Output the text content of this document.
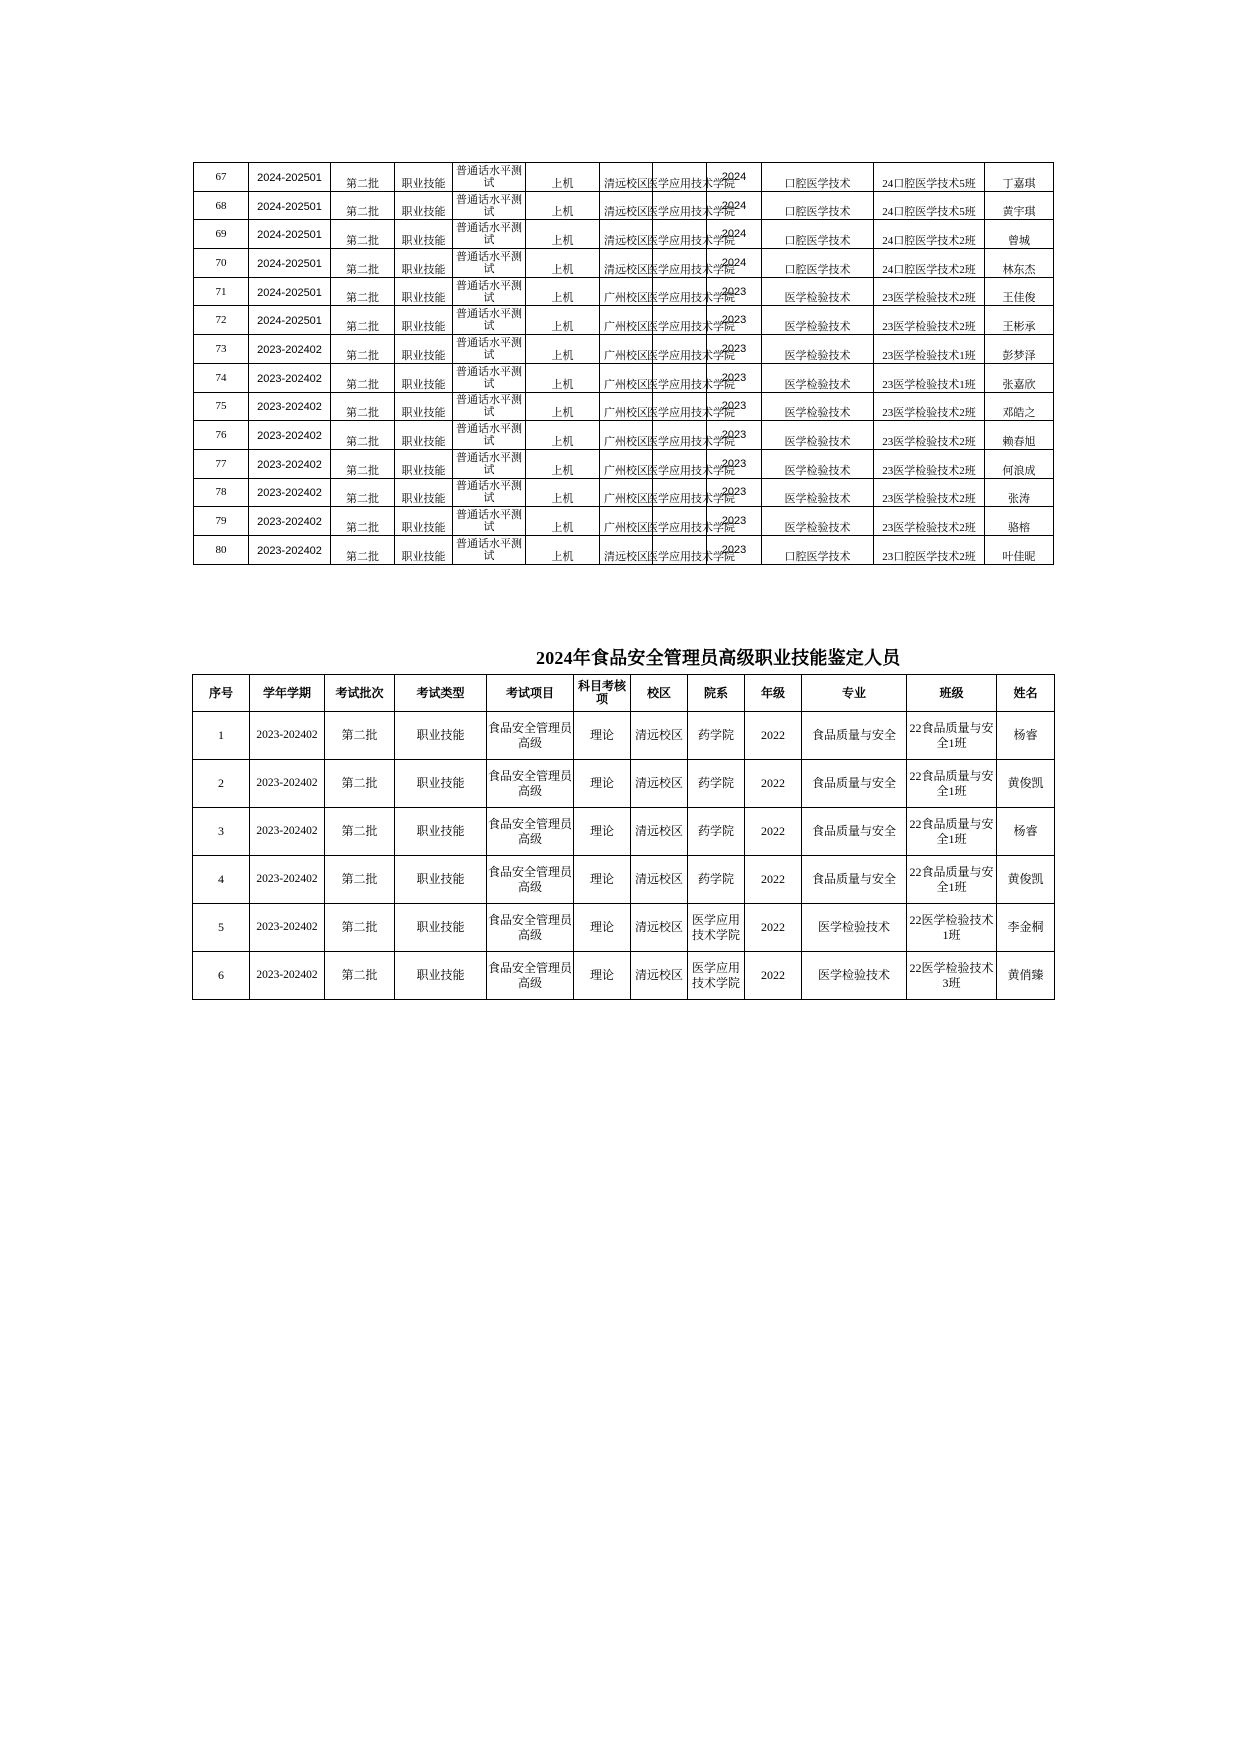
67	2024-202501	第二批	职业技能	普通话水平测试	上机	清远校区	医学应用技术学院	2024	口腔医学技术	24口腔医学技术5班	丁嘉琪
68	2024-202501	第二批	职业技能	普通话水平测试	上机	清远校区	医学应用技术学院	2024	口腔医学技术	24口腔医学技术5班	黄宇琪
69	2024-202501	第二批	职业技能	普通话水平测试	上机	清远校区	医学应用技术学院	2024	口腔医学技术	24口腔医学技术2班	曾城
70	2024-202501	第二批	职业技能	普通话水平测试	上机	清远校区	医学应用技术学院	2024	口腔医学技术	24口腔医学技术2班	林东杰
71	2024-202501	第二批	职业技能	普通话水平测试	上机	广州校区	医学应用技术学院	2023	医学检验技术	23医学检验技术2班	王佳俊
72	2024-202501	第二批	职业技能	普通话水平测试	上机	广州校区	医学应用技术学院	2023	医学检验技术	23医学检验技术2班	王彬承
73	2023-202402	第二批	职业技能	普通话水平测试	上机	广州校区	医学应用技术学院	2023	医学检验技术	23医学检验技术1班	彭梦泽
74	2023-202402	第二批	职业技能	普通话水平测试	上机	广州校区	医学应用技术学院	2023	医学检验技术	23医学检验技术1班	张嘉欣
75	2023-202402	第二批	职业技能	普通话水平测试	上机	广州校区	医学应用技术学院	2023	医学检验技术	23医学检验技术2班	邓皓之
76	2023-202402	第二批	职业技能	普通话水平测试	上机	广州校区	医学应用技术学院	2023	医学检验技术	23医学检验技术2班	赖春旭
77	2023-202402	第二批	职业技能	普通话水平测试	上机	广州校区	医学应用技术学院	2023	医学检验技术	23医学检验技术2班	何浪成
78	2023-202402	第二批	职业技能	普通话水平测试	上机	广州校区	医学应用技术学院	2023	医学检验技术	23医学检验技术2班	张涛
79	2023-202402	第二批	职业技能	普通话水平测试	上机	广州校区	医学应用技术学院	2023	医学检验技术	23医学检验技术2班	骆榕
80	2023-202402	第二批	职业技能	普通话水平测试	上机	清远校区	医学应用技术学院	2023	口腔医学技术	23口腔医学技术2班	叶佳昵
2024年食品安全管理员高级职业技能鉴定人员
序号	学年学期	考试批次	考试类型	考试项目	科目考核项	校区	院系	年级	专业	班级	姓名
1	2023-202402	第二批	职业技能	食品安全管理员高级	理论	清远校区	药学院	2022	食品质量与安全	22食品质量与安全1班	杨睿
2	2023-202402	第二批	职业技能	食品安全管理员高级	理论	清远校区	药学院	2022	食品质量与安全	22食品质量与安全1班	黄俊凯
3	2023-202402	第二批	职业技能	食品安全管理员高级	理论	清远校区	药学院	2022	食品质量与安全	22食品质量与安全1班	杨睿
4	2023-202402	第二批	职业技能	食品安全管理员高级	理论	清远校区	药学院	2022	食品质量与安全	22食品质量与安全1班	黄俊凯
5	2023-202402	第二批	职业技能	食品安全管理员高级	理论	清远校区	医学应用技术学院	2022	医学检验技术	22医学检验技术1班	李金桐
6	2023-202402	第二批	职业技能	食品安全管理员高级	理论	清远校区	医学应用技术学院	2022	医学检验技术	22医学检验技术3班	黄俏臻
